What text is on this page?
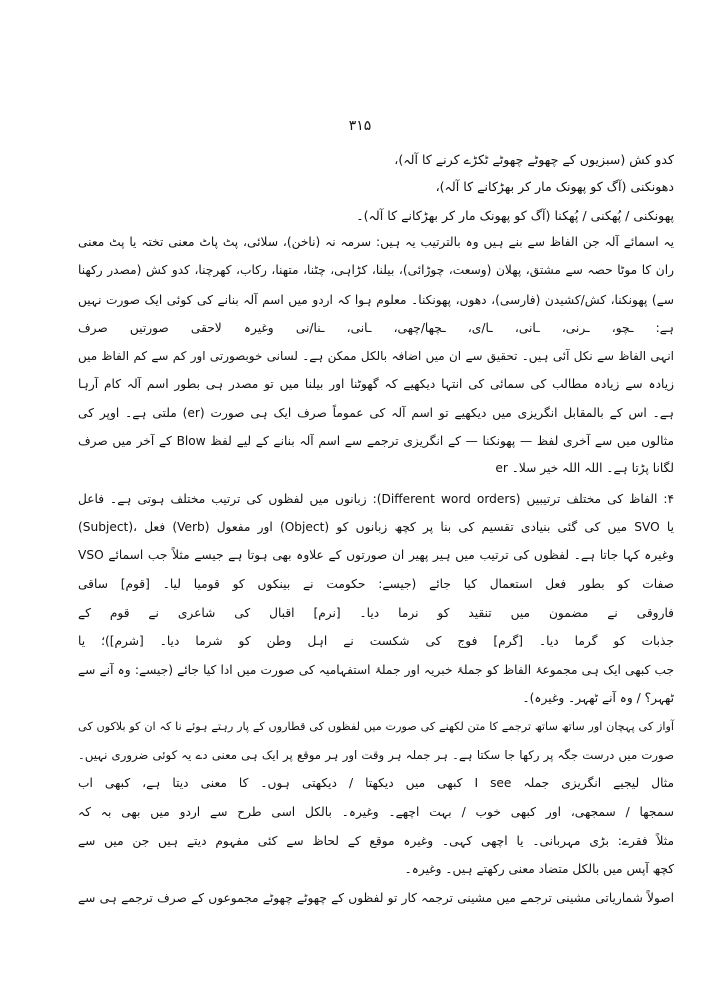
۳۱۵
کدو کش (سبزیوں کے چھوٹے چھوٹے ٹکڑے کرنے کا آلہ)،
دھونکنی (آگ کو پھونک مار کر بھڑکانے کا آلہ)،
پھونکنی / پُھکنی / پُھکنا (آگ کو پھونک مار کر بھڑکانے کا آلہ)۔
یہ اسمائے آلہ جن الفاظ سے بنے ہیں وہ بالترتیب یہ ہیں: سرمہ نہ (ناخن)، سلائی، پٹ پاٹ معنی تختہ یا پٹ معنی
ران کا موٹا حصہ سے مشتق، پھلان (وسعت، چوڑائی)، بیلنا، کڑاہی، چٹنا، متھنا، رکاب، کھرچنا، کدو کش (مصدر رکھنا
سے) پھونکنا، کش/کشیدن (فارسی)، دھوں، پھونکنا۔ معلوم ہوا کہ اردو میں اسم آلہ بنانے کی کوئی ایک صورت نہیں
ہے: ـچو، ـرنی، ـانی، ـا/ی، ـچھا/چھی، ـانی، ـنا/نی وغیرہ لاحقی صورتیں صرف
انہی الفاظ سے نکل آئی ہیں۔ تحقیق سے ان میں اضافہ بالکل ممکن ہے۔ لسانی خوبصورتی اور کم سے کم الفاظ میں
زیادہ سے زیادہ مطالب کی سمائی کی انتہا دیکھیے کہ گھوٹنا اور بیلنا میں تو مصدر ہی بطور اسم آلہ کام آرہا
ہے۔ اس کے بالمقابل انگریزی میں دیکھیے تو اسم آلہ کی عموماً صرف ایک ہی صورت (er) ملتی ہے۔ اوپر کی
مثالوں میں سے آخری لفظ — پھونکنا — کے انگریزی ترجمے سے اسم آلہ بنانے کے لیے لفظ Blow کے آخر میں صرف
er لگانا پڑتا ہے۔ اللہ اللہ خیر سلا۔
۴: الفاظ کی مختلف ترتیبیں (Different word orders): زبانوں میں لفظوں کی ترتیب مختلف ہوتی ہے۔ فاعل
(Subject)، فعل (Verb) اور مفعول (Object) میں کی گئی بنیادی تقسیم کی بنا پر کچھ زبانوں کو SVO یا
VSO وغیرہ کہا جاتا ہے۔ لفظوں کی ترتیب میں ہیر پھیر ان صورتوں کے علاوہ بھی ہوتا ہے جیسے مثلاً جب اسمائے
صفات کو بطور فعل استعمال کیا جائے (جیسے: حکومت نے بینکوں کو قومیا لیا۔ [قوم] ساقی
فاروقی نے مضمون میں تنقید کو نرما دیا۔ [نرم] اقبال کی شاعری نے قوم کے
جذبات کو گرما دیا۔ [گرم] فوج کی شکست نے اہل وطن کو شرما دیا۔ [شرم])؛ یا
جب کبھی ایک ہی مجموعۂ الفاظ کو جملۂ خبریہ اور جملۂ استفہامیہ کی صورت میں ادا کیا جائے (جیسے: وہ آنے سے
ٹھہر؟ / وہ آنے ٹھہر۔ وغیرہ)۔
آواز کی پہچان اور ساتھ ساتھ ترجمے کا متن لکھنے کی صورت میں لفظوں کی قطاروں کے پار رہتے ہوئے نا کہ ان کو بلاکوں کی
صورت میں درست جگہ پر رکھا جا سکتا ہے۔ ہر جملہ ہر وقت اور ہر موقع پر ایک ہی معنی دے یہ کوئی ضروری نہیں۔
مثال لیجیے انگریزی جملہ I see کبھی میں دیکھتا / دیکھتی ہوں۔ کا معنی دیتا ہے، کبھی اب
سمجھا / سمجھی، اور کبھی خوب / بہت اچھے۔ وغیرہ۔ بالکل اسی طرح سے اردو میں بھی بہ کہ
مثلاً فقرے: بڑی مہربانی۔ یا اچھی کہی۔ وغیرہ موقع کے لحاظ سے کئی مفہوم دیتے ہیں جن میں سے
کچھ آپس میں بالکل متضاد معنی رکھتے ہیں۔ وغیرہ۔
اصولاً شماریاتی مشینی ترجمے میں مشینی ترجمہ کار تو لفظوں کے چھوٹے چھوٹے مجموعوں کے صرف ترجمے ہی سے
